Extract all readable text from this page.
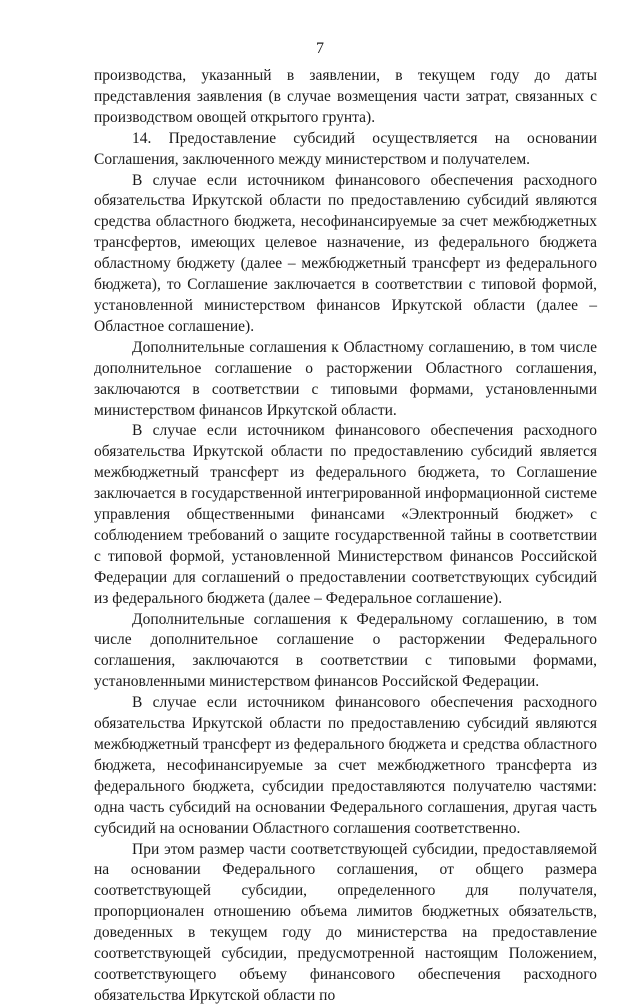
7

производства, указанный в заявлении, в текущем году до даты представления заявления (в случае возмещения части затрат, связанных с производством овощей открытого грунта).

14. Предоставление субсидий осуществляется на основании Соглашения, заключенного между министерством и получателем.

В случае если источником финансового обеспечения расходного обязательства Иркутской области по предоставлению субсидий являются средства областного бюджета, несофинансируемые за счет межбюджетных трансфертов, имеющих целевое назначение, из федерального бюджета областному бюджету (далее – межбюджетный трансферт из федерального бюджета), то Соглашение заключается в соответствии с типовой формой, установленной министерством финансов Иркутской области (далее – Областное соглашение).

Дополнительные соглашения к Областному соглашению, в том числе дополнительное соглашение о расторжении Областного соглашения, заключаются в соответствии с типовыми формами, установленными министерством финансов Иркутской области.

В случае если источником финансового обеспечения расходного обязательства Иркутской области по предоставлению субсидий является межбюджетный трансферт из федерального бюджета, то Соглашение заключается в государственной интегрированной информационной системе управления общественными финансами «Электронный бюджет» с соблюдением требований о защите государственной тайны в соответствии с типовой формой, установленной Министерством финансов Российской Федерации для соглашений о предоставлении соответствующих субсидий из федерального бюджета (далее – Федеральное соглашение).

Дополнительные соглашения к Федеральному соглашению, в том числе дополнительное соглашение о расторжении Федерального соглашения, заключаются в соответствии с типовыми формами, установленными министерством финансов Российской Федерации.

В случае если источником финансового обеспечения расходного обязательства Иркутской области по предоставлению субсидий являются межбюджетный трансферт из федерального бюджета и средства областного бюджета, несофинансируемые за счет межбюджетного трансферта из федерального бюджета, субсидии предоставляются получателю частями: одна часть субсидий на основании Федерального соглашения, другая часть субсидий на основании Областного соглашения соответственно.

При этом размер части соответствующей субсидии, предоставляемой на основании Федерального соглашения, от общего размера соответствующей субсидии, определенного для получателя, пропорционален отношению объема лимитов бюджетных обязательств, доведенных в текущем году до министерства на предоставление соответствующей субсидии, предусмотренной настоящим Положением, соответствующего объему финансового обеспечения расходного обязательства Иркутской области по
